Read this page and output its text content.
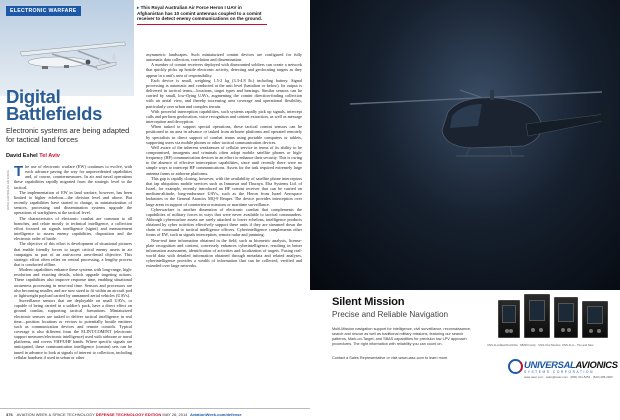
ELECTRONIC WARFARE
ROYAL AUSTRALIAN AIR FORCE
▸ This Royal Australian Air Force Heron I UAV in Afghanistan has 10 comint antennas coupled to a comint receiver to detect enemy communications on the ground.
Digital
Battlefields
Electronic systems are being adapted for tactical land forces
David Eshel Tel Aviv
T he use of electronic warfare (EW) continues to evolve, with each advance paving the way for unprecedented capabilities and, of course, countermeasures. In air and naval operations these capabilities rapidly migrated from the strategic level to the tactical.

The implementation of EW in land warfare, however, has been limited to higher echelons—the division level and above. But recently capabilities have started to change, as miniaturization of sensors, processing and dissemination systems upgrade the operations of warfighters at the tactical level.

The characteristics of electronic combat are common to all branches, and relate mostly to technical intelligence, a collection effort focused on signals intelligence (sigint) and measurement intelligence to assess enemy capabilities, disposition and the electronic order of battle.

The objective of this effort is development of situational pictures that enable friendly forces to target critical enemy assets in air campaigns as part of an anti-access area-denial objective. This strategic effort often relies on central processing, a lengthy process that is conducted offline.

Modern capabilities enhance these systems with long-range, high-resolution and exacting details, which upgrade targeting actions. These capabilities also improve response time, enabling situational awareness processing in near-real time. Sensors and processors are also becoming smaller, and are now sized to fit within an aircraft pod or lightweight payload carried by unmanned aerial vehicles (UAVs).

Surveillance sensors that are deployable on small UAVs, or capable of being carried in a soldier's pack, have a direct effect on ground combat, supporting tactical formations. Miniaturized electronic sensors are tasked to deliver tactical intelligence in real time—position locations or vectors to potentially hostile emitters such as communication devices and remote controls. Typical coverage is also different from the ELINT/COMINT (electronic support measures/electronic intelligence) used with airborne or naval platforms, and covers VHF/UHF bands. Where specific signals are anticipated, these communication intelligence (comint) sets can be tuned in advance to look at signals of interest to collection, including cellular handsets if used in urban or other

asymmetric landscapes. Such miniaturized comint devices are configured for fully automatic data collection, correlation and dissemination.

A number of comint receivers deployed with dismounted soldiers can create a network that quickly picks up hostile electronic activity, detecting and geolocating targets as they appear in a unit's area of responsibility.

Each device is small, weighing 1.5-2 kg (3.3-4.8 lb.) including battery. Signal processing is automatic and conducted at the unit level (battalion or below). Its output is delivered in tactical terms—locations, target types and bearings. Similar sensors can be carried by small, low-flying UAVs, augmenting the comint direction-finding collection with an aerial view, and thereby increasing area coverage and operational flexibility, particularly over urban and complex terrain.

With powerful interception capabilities, such systems rapidly pick up signals, intercept calls and perform geolocation, voice recognition and content extraction, as well as message interception and decryption.

When tasked to support special operations, these tactical comint sensors can be positioned in an area in advance or tasked from airborne platforms and operated remotely by specialists in direct support of combat teams using portable computers or tablets, supporting users via mobile phones or other tactical communication devices.

Well aware of the inherent weaknesses of cellular service in terms of its ability to be compromised, insurgents and criminals often adopt mobile satellite phones or high-frequency (HF) communication devices in an effort to enhance their security. This is owing to the absence of effective interception capabilities, since until recently there were no simple ways to intercept HF communications. Assets for the task required extremely large antenna farms or airborne platforms.

This gap is rapidly closing, however, with the availability of satellite phone interceptors that tap ubiquitous mobile services such as Inmarsat and Thuraya. Elta Systems Ltd. of Israel, for example, recently introduced an HF comint receiver that can be carried on medium-altitude, long-endurance UAVs, such as the Heron from Israel Aerospace Industries or the General Atomics MQ-9 Reaper. The device provides interception over large areas in support of counterterror missions or maritime surveillance.

Cyberwarfare is another dimension of electronic combat that complements the capabilities of military forces in ways that were never available to tactical commanders. Although cyberwarfare assets are rarely attached to lower echelons, intelligence products obtained by cyber activities effectively support these units if they are streamed down the chain of command to tactical intelligence officers. Cyberintelligence complements other forms of EW, such as signals interception, remote radar and jamming.

Near-real time information obtained in the field, such as biometric analysis, license-plate recognition and content, conversely enhances cyberintelligence, resulting in better information assessment, identification of activities and localization of targets. Fusing real-world data with detailed information obtained through metadata and related analyses, cyberintelligence provides a wealth of information that can be collected, verified and extended over large networks.

376 AVIATION WEEK & SPACE TECHNOLOGY DEFENSE TECHNOLOGY EDITION MAY 26, 2014 AviationWeek.com/defense
Silent Mission
Precise and Reliable Navigation
Multi-Mission navigation support for intelligence, civil surveillance, reconnaissance, search and rescue as well as traditional military missions, featuring our search patterns, Mark-on-Target, and SBAS capabilities for precision low LPV approach procedures. The right information with reliability you can count on.
Contact a Sales Representative or visit www.uasc.com to learn more.
UNS-1Lw/1Ew/1Fw/1Dw · MMR Family · UNS-1Fw Monitor, UNS-1Lw – The and 1Ew
UNIVERSALAVIONICS
SYSTEMS CORPORATION
www.uasc.com · sales@uasc.com · (800) 321-5253 · (520) 295-2300
